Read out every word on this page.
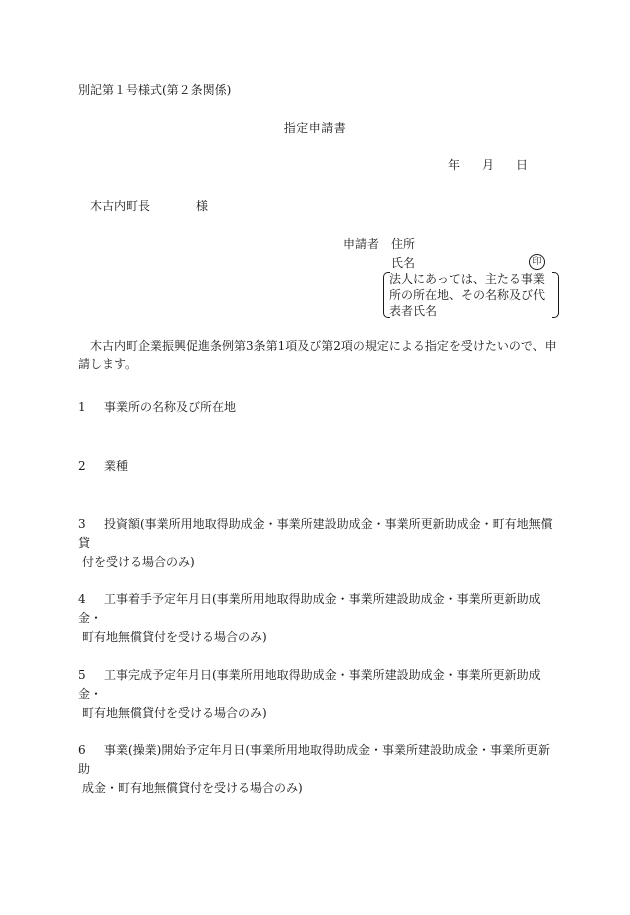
別記第１号様式(第２条関係)
指定申請書
年 月 日
木古内町長	様
申請者 住所
氏名	印
法人にあっては、主たる事業所の所在地、その名称及び代表者氏名
木古内町企業振興促進条例第3条第1項及び第2項の規定による指定を受けたいので、申請します。
1 事業所の名称及び所在地
2 業種
3 投資額(事業所用地取得助成金・事業所建設助成金・事業所更新助成金・町有地無償貸
付を受ける場合のみ)
4 工事着手予定年月日(事業所用地取得助成金・事業所建設助成金・事業所更新助成金・
町有地無償貸付を受ける場合のみ)
5 工事完成予定年月日(事業所用地取得助成金・事業所建設助成金・事業所更新助成金・
町有地無償貸付を受ける場合のみ)
6 事業(操業)開始予定年月日(事業所用地取得助成金・事業所建設助成金・事業所更新助
成金・町有地無償貸付を受ける場合のみ)
